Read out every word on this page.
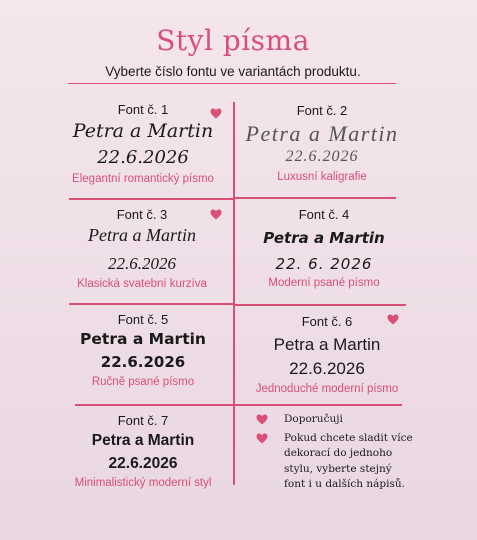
Styl písma
Vyberte číslo fontu ve variantách produktu.
Font č. 1
Petra a Martin
22.6.2026
Elegantní romantický písmo
Font č. 2
Petra a Martin
22.6.2026
Luxusní kaligrafie
Font č. 3
Petra a Martin
22.6.2026
Klasická svatební kurzíva
Font č. 4
Petra a Martin
22. 6. 2026
Moderní psané písmo
Font č. 5
Petra a Martin
22.6.2026
Ručně psané písmo
Font č. 6
Petra a Martin
22.6.2026
Jednoduché moderní písmo
Font č. 7
Petra a Martin
22.6.2026
Minimalistický moderní styl
Doporučuji
Pokud chcete sladit více dekorací do jednoho stylu, vyberte stejný font i u dalších nápisů.
